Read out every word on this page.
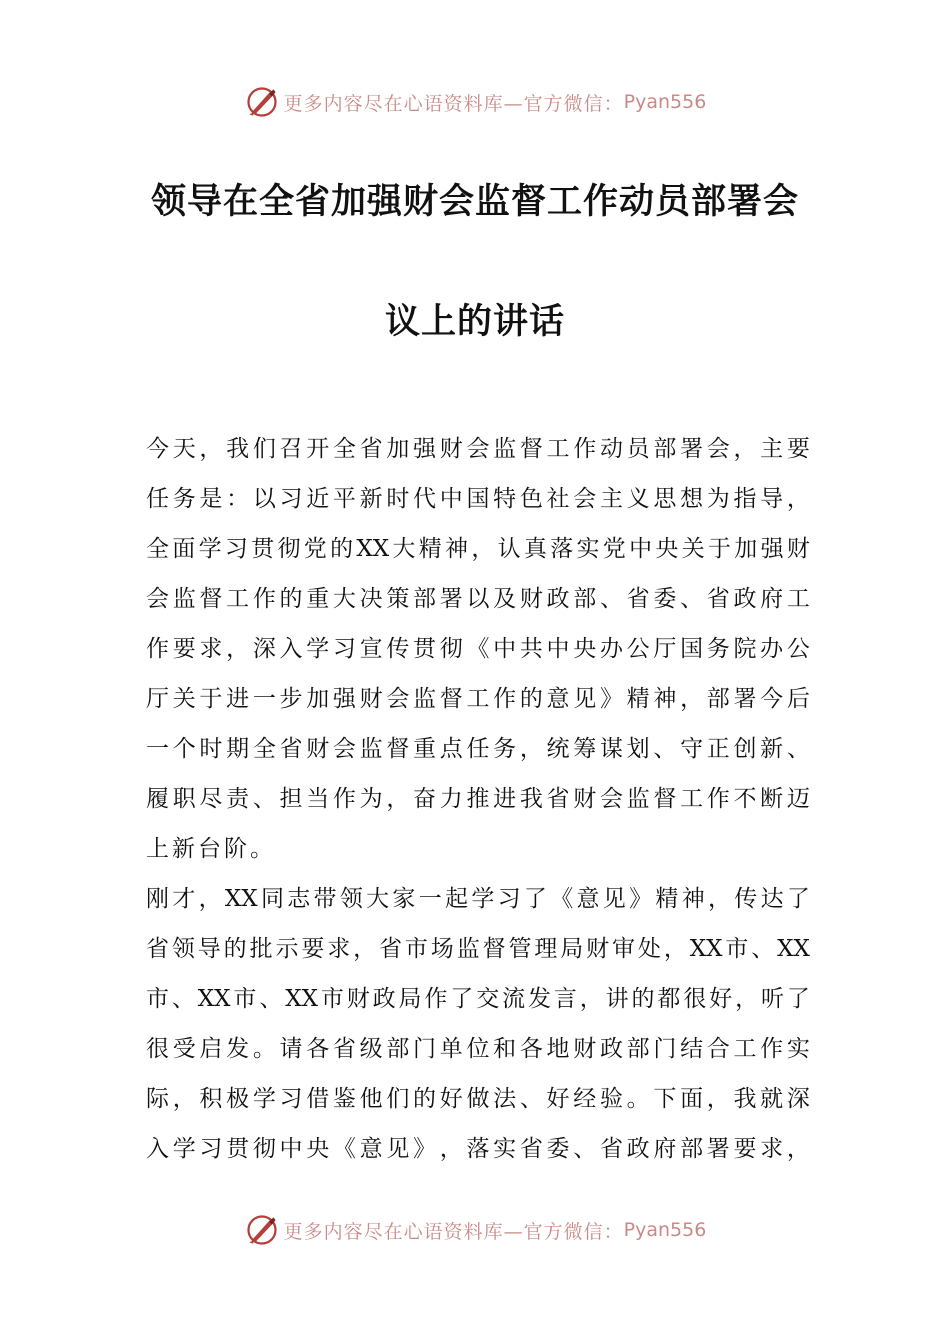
更多内容尽在心语资料库—官方微信： Pyan556
领导在全省加强财会监督工作动员部署会
议上的讲话
今 天 ， 我 们 召 开 全 省 加 强 财 会 监 督 工 作 动 员 部 署 会 ， 主 要
任 务 是 ： 以 习 近 平 新 时 代 中 国 特 色 社 会 主 义 思 想 为 指 导 ，
全 面 学 习 贯 彻 党 的 XX 大 精 神 ， 认 真 落 实 党 中 央 关 于 加 强 财
会 监 督 工 作 的 重 大 决 策 部 署 以 及 财 政 部 、 省 委 、 省 政 府 工
作 要 求 ， 深 入 学 习 宣 传 贯 彻 《 中 共 中 央 办 公 厅 国 务 院 办 公
厅 关 于 进 一 步 加 强 财 会 监 督 工 作 的 意 见 》 精 神 ， 部 署 今 后
一 个 时 期 全 省 财 会 监 督 重 点 任 务 ， 统 筹 谋 划 、 守 正 创 新 、
履 职 尽 责 、 担 当 作 为 ， 奋 力 推 进 我 省 财 会 监 督 工 作 不 断 迈
上新台阶。
刚 才 ， XX 同 志 带 领 大 家 一 起 学 习 了 《 意 见 》 精 神 ， 传 达 了
省 领 导 的 批 示 要 求 ， 省 市 场 监 督 管 理 局 财 审 处 ， XX 市 、 XX
市 、 XX 市 、 XX 市 财 政 局 作 了 交 流 发 言 ， 讲 的 都 很 好 ， 听 了
很 受 启 发 。 请 各 省 级 部 门 单 位 和 各 地 财 政 部 门 结 合 工 作 实
际 ， 积 极 学 习 借 鉴 他 们 的 好 做 法 、 好 经 验 。 下 面 ， 我 就 深
入 学 习 贯 彻 中 央 《 意 见 》 ， 落 实 省 委 、 省 政 府 部 署 要 求 ，
更多内容尽在心语资料库—官方微信： Pyan556
